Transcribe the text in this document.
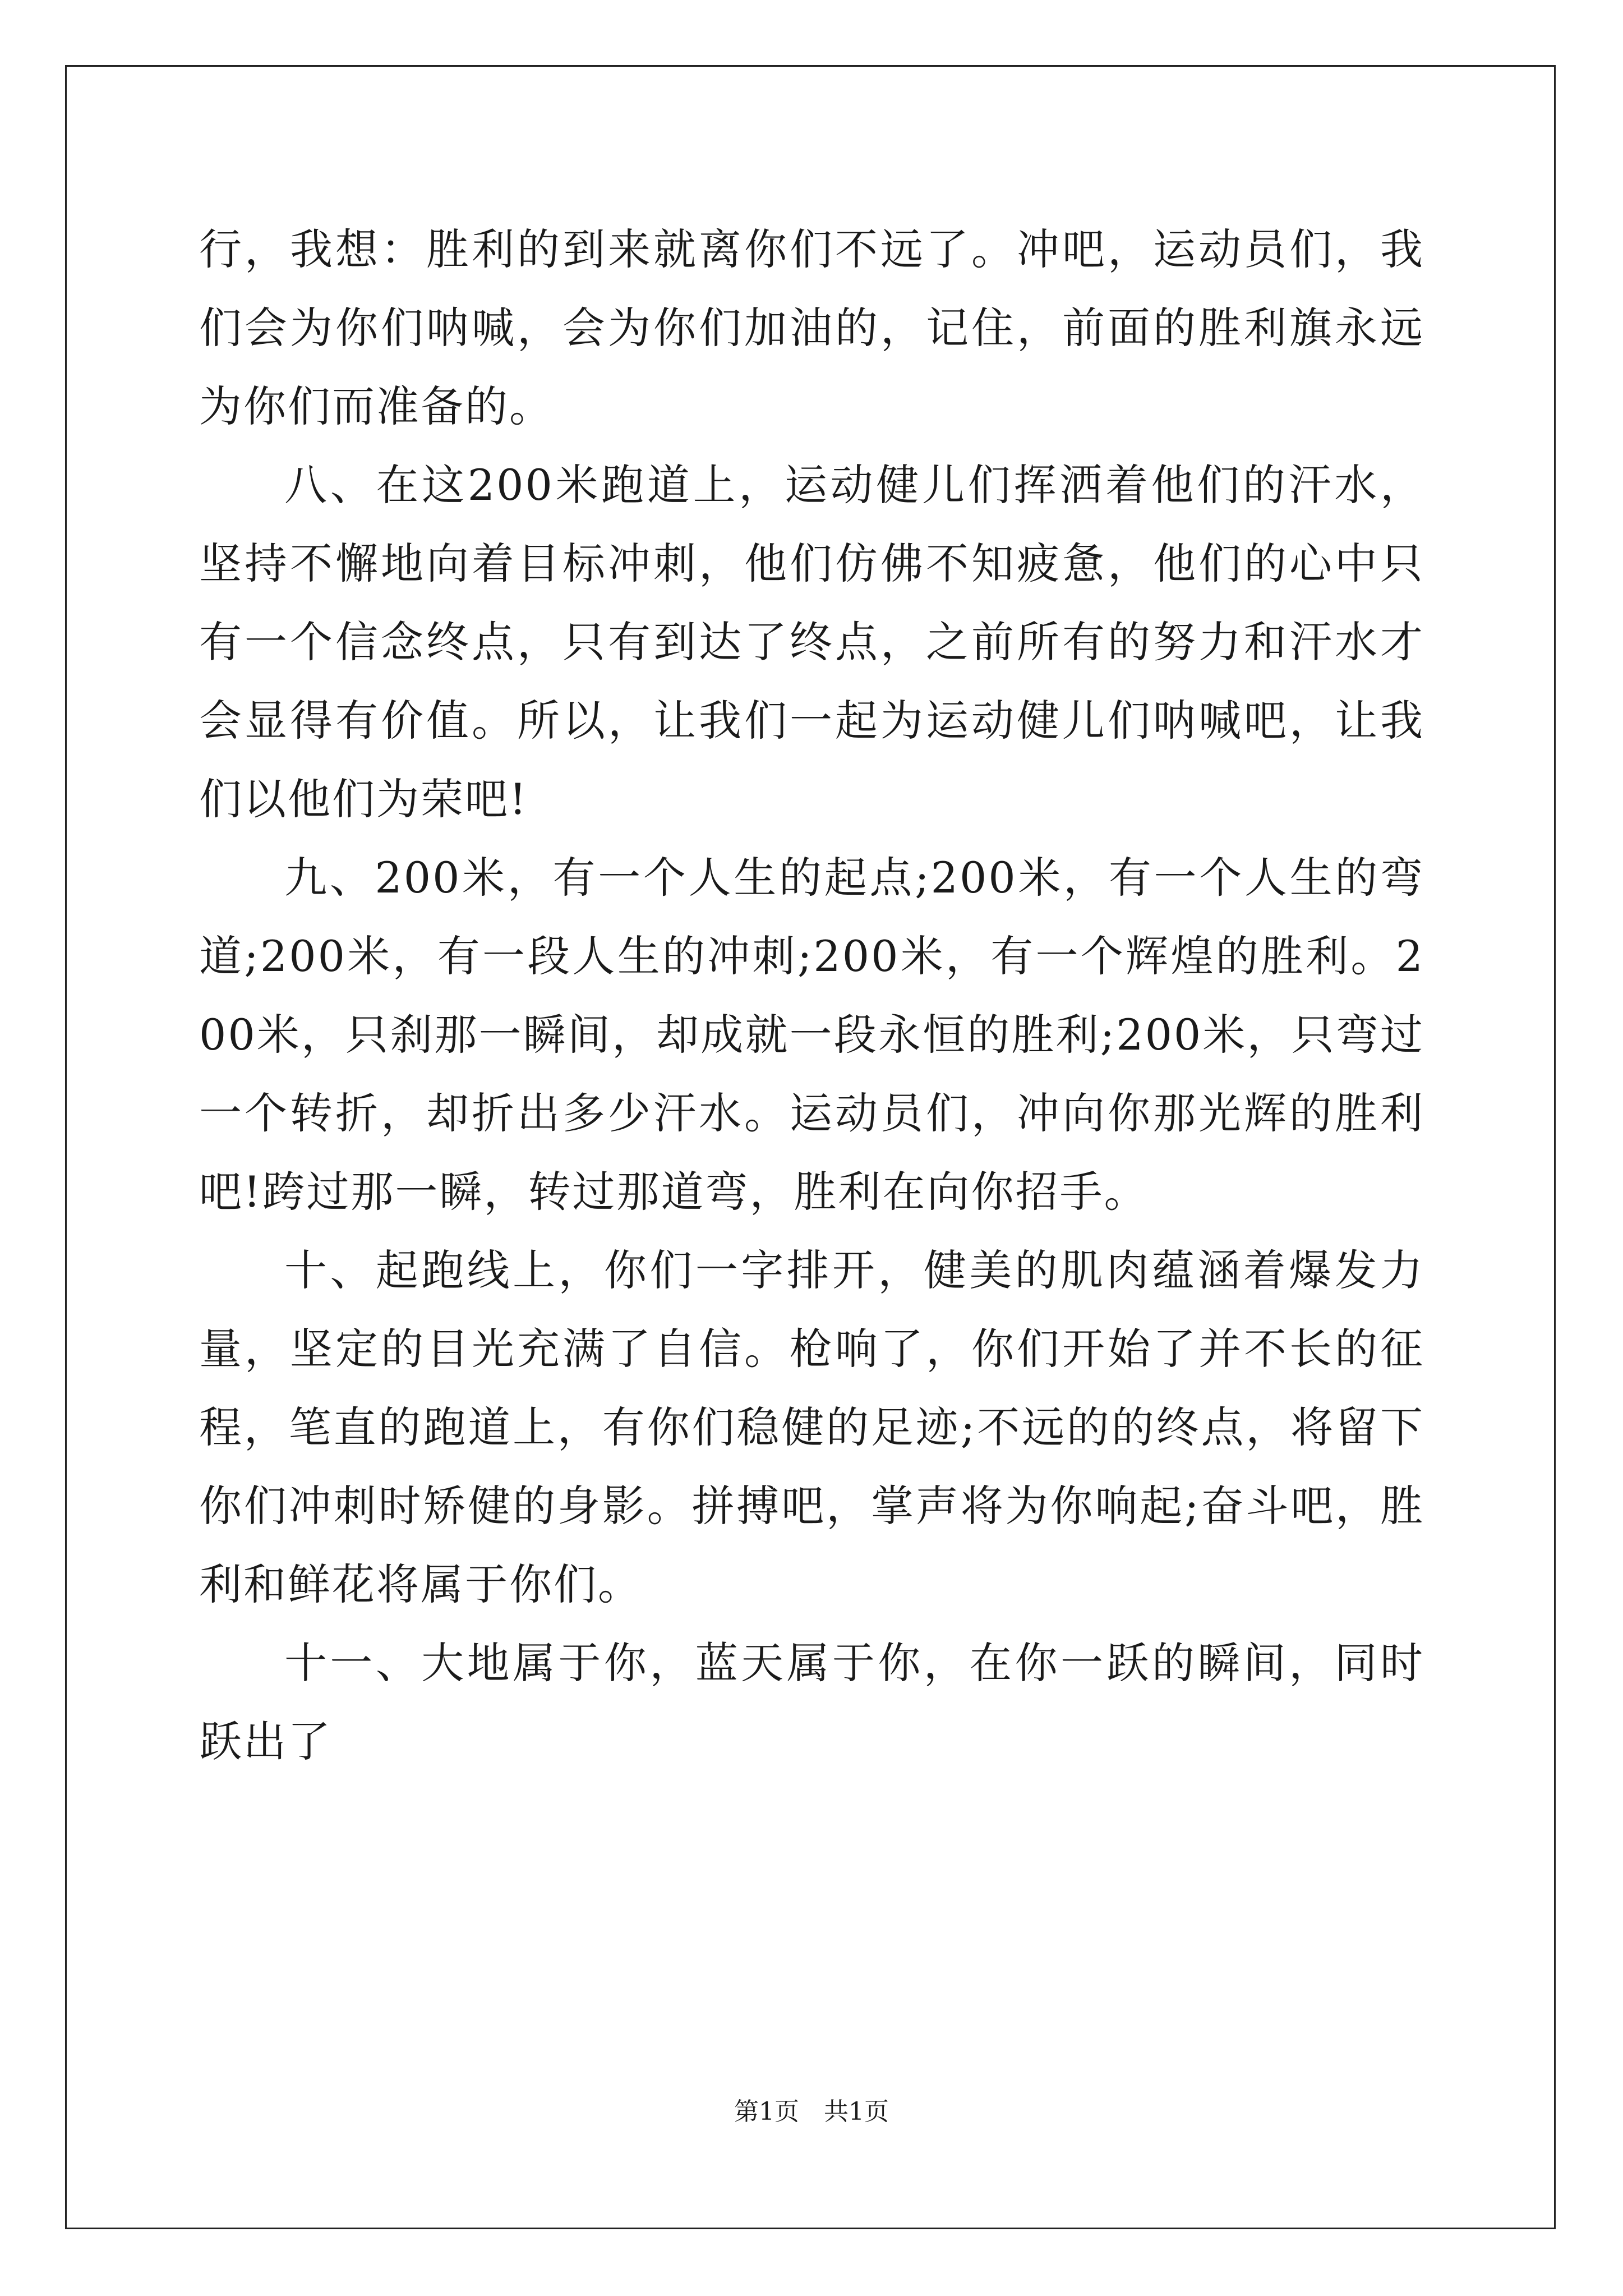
行，我想：胜利的到来就离你们不远了。冲吧，运动员们，我们会为你们呐喊，会为你们加油的，记住，前面的胜利旗永远为你们而准备的。

八、在这200米跑道上，运动健儿们挥洒着他们的汗水，坚持不懈地向着目标冲刺，他们仿佛不知疲惫，他们的心中只有一个信念终点，只有到达了终点，之前所有的努力和汗水才会显得有价值。所以，让我们一起为运动健儿们呐喊吧，让我们以他们为荣吧!

九、200米，有一个人生的起点;200米，有一个人生的弯道;200米，有一段人生的冲刺;200米，有一个辉煌的胜利。200米，只刹那一瞬间，却成就一段永恒的胜利;200米，只弯过一个转折，却折出多少汗水。运动员们，冲向你那光辉的胜利吧!跨过那一瞬，转过那道弯，胜利在向你招手。

十、起跑线上，你们一字排开，健美的肌肉蕴涵着爆发力量，坚定的目光充满了自信。枪响了，你们开始了并不长的征程，笔直的跑道上，有你们稳健的足迹;不远的的终点，将留下你们冲刺时矫健的身影。拼搏吧，掌声将为你响起;奋斗吧，胜利和鲜花将属于你们。

十一、大地属于你，蓝天属于你，在你一跃的瞬间，同时跃出了

第1页 共1页
